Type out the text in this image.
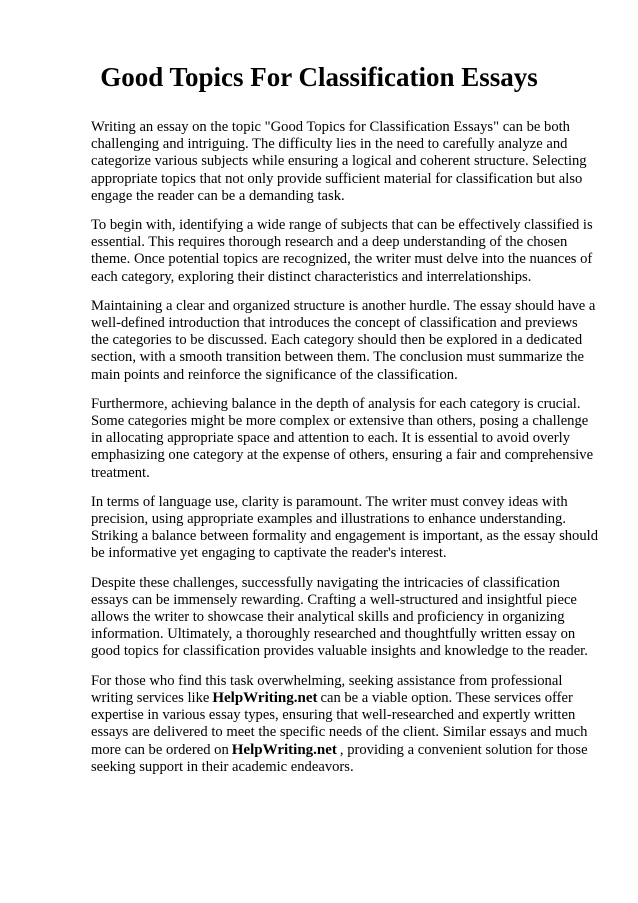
Good Topics For Classification Essays

Writing an essay on the topic "Good Topics for Classification Essays" can be both challenging and intriguing. The difficulty lies in the need to carefully analyze and categorize various subjects while ensuring a logical and coherent structure. Selecting appropriate topics that not only provide sufficient material for classification but also engage the reader can be a demanding task.

To begin with, identifying a wide range of subjects that can be effectively classified is essential. This requires thorough research and a deep understanding of the chosen theme. Once potential topics are recognized, the writer must delve into the nuances of each category, exploring their distinct characteristics and interrelationships.

Maintaining a clear and organized structure is another hurdle. The essay should have a well-defined introduction that introduces the concept of classification and previews the categories to be discussed. Each category should then be explored in a dedicated section, with a smooth transition between them. The conclusion must summarize the main points and reinforce the significance of the classification.

Furthermore, achieving balance in the depth of analysis for each category is crucial. Some categories might be more complex or extensive than others, posing a challenge in allocating appropriate space and attention to each. It is essential to avoid overly emphasizing one category at the expense of others, ensuring a fair and comprehensive treatment.

In terms of language use, clarity is paramount. The writer must convey ideas with precision, using appropriate examples and illustrations to enhance understanding. Striking a balance between formality and engagement is important, as the essay should be informative yet engaging to captivate the reader's interest.

Despite these challenges, successfully navigating the intricacies of classification essays can be immensely rewarding. Crafting a well-structured and insightful piece allows the writer to showcase their analytical skills and proficiency in organizing information. Ultimately, a thoroughly researched and thoughtfully written essay on good topics for classification provides valuable insights and knowledge to the reader.

For those who find this task overwhelming, seeking assistance from professional writing services like HelpWriting.net can be a viable option. These services offer expertise in various essay types, ensuring that well-researched and expertly written essays are delivered to meet the specific needs of the client. Similar essays and much more can be ordered on HelpWriting.net , providing a convenient solution for those seeking support in their academic endeavors.
